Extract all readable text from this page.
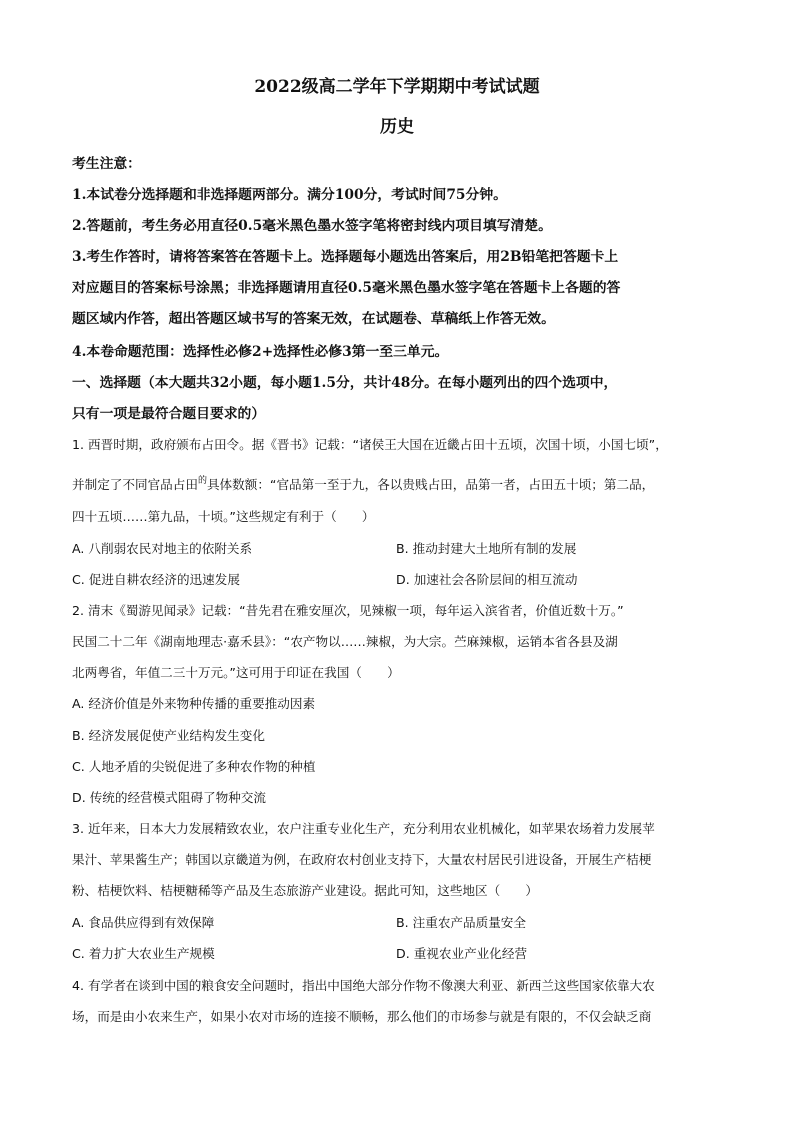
2022级高二学年下学期期中考试试题
历史
考生注意：
1.本试卷分选择题和非选择题两部分。满分100分，考试时间75分钟。
2.答题前，考生务必用直径0.5毫米黑色墨水签字笔将密封线内项目填写清楚。
3.考生作答时，请将答案答在答题卡上。选择题每小题选出答案后，用2B铅笔把答题卡上
对应题目的答案标号涂黑；非选择题请用直径0.5毫米黑色墨水签字笔在答题卡上各题的答
题区域内作答，超出答题区域书写的答案无效，在试题卷、草稿纸上作答无效。
4.本卷命题范围：选择性必修2+选择性必修3第一至三单元。
一、选择题（本大题共32小题，每小题1.5分，共计48分。在每小题列出的四个选项中，
只有一项是最符合题目要求的）
1. 西晋时期，政府颁布占田令。据《晋书》记载：“诸侯王大国在近畿占田十五顷，次国十顷，小国七顷”，
并制定了不同官品占田$^的$具体数额：“官品第一至于九，各以贵贱占田，品第一者，占田五十顷；第二品，
四十五顷……第九品，十顷。”这些规定有利于（　　）
A. 八削弱农民对地主的依附关系	B. 推动封建大土地所有制的发展
C. 促进自耕农经济的迅速发展	D. 加速社会各阶层间的相互流动
2. 清末《蜀游见闻录》记载：“昔先君在雅安厘次，见辣椒一项，每年运入滨省者，价值近数十万。”
民国二十二年《湖南地理志·嘉禾县》：“农产物以……辣椒，为大宗。苎麻辣椒，运销本省各县及湖
北两粤省，年值二三十万元。”这可用于印证在我国（　　）
A. 经济价值是外来物种传播的重要推动因素
B. 经济发展促使产业结构发生变化
C. 人地矛盾的尖锐促进了多种农作物的种植
D. 传统的经营模式阻碍了物种交流
3. 近年来，日本大力发展精致农业，农户注重专业化生产，充分利用农业机械化，如苹果农场着力发展苹
果汁、苹果酱生产；韩国以京畿道为例，在政府农村创业支持下，大量农村居民引进设备，开展生产桔梗
粉、桔梗饮料、桔梗糖稀等产品及生态旅游产业建设。据此可知，这些地区（　　）
A. 食品供应得到有效保障	B. 注重农产品质量安全
C. 着力扩大农业生产规模	D. 重视农业产业化经营
4. 有学者在谈到中国的粮食安全问题时，指出中国绝大部分作物不像澳大利亚、新西兰这些国家依靠大农
场，而是由小农来生产，如果小农对市场的连接不顺畅，那么他们的市场参与就是有限的，不仅会缺乏商
